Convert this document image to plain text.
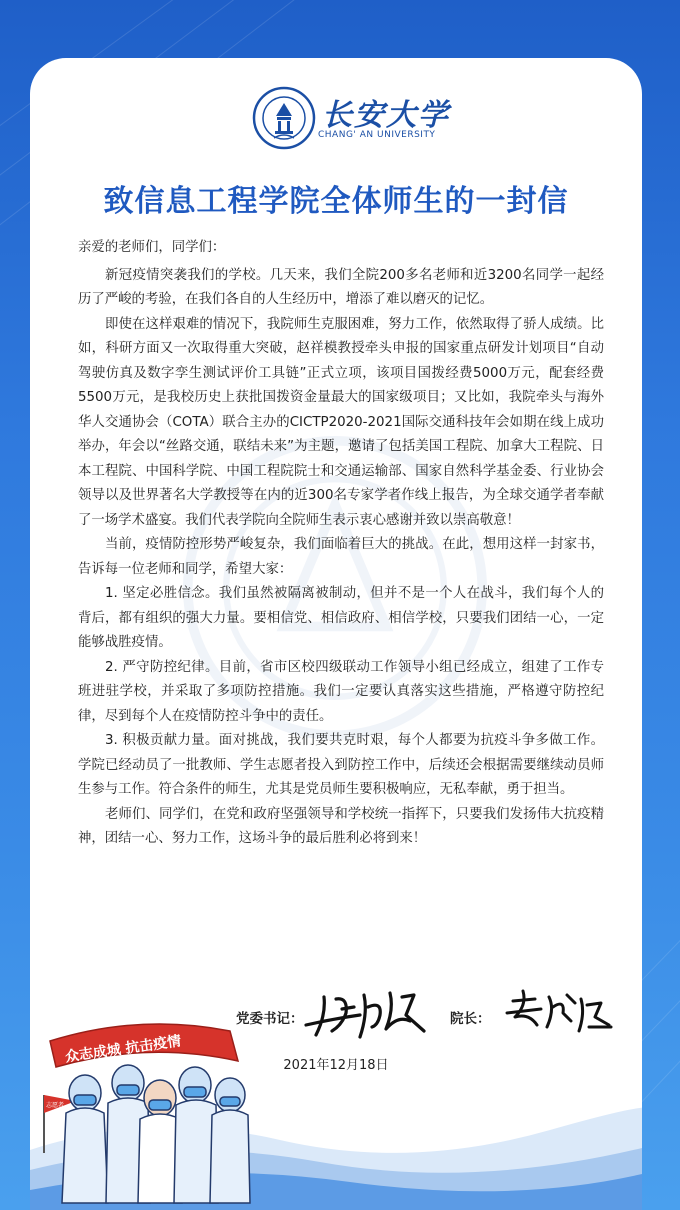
长安大学
CHANG' AN UNIVERSITY
致信息工程学院全体师生的一封信

亲爱的老师们，同学们：

新冠疫情突袭我们的学校。几天来，我们全院200多名老师和近3200名同学一起经历了严峻的考验，在我们各自的人生经历中，增添了难以磨灭的记忆。

即使在这样艰难的情况下，我院师生克服困难，努力工作，依然取得了骄人成绩。比如，科研方面又一次取得重大突破，赵祥模教授牵头申报的国家重点研发计划项目“自动驾驶仿真及数字孪生测试评价工具链”正式立项，该项目国拨经费5000万元，配套经费5500万元，是我校历史上获批国拨资金量最大的国家级项目；又比如，我院牵头与海外华人交通协会（COTA）联合主办的CICTP2020-2021国际交通科技年会如期在线上成功举办，年会以“丝路交通，联结未来”为主题，邀请了包括美国工程院、加拿大工程院、日本工程院、中国科学院、中国工程院院士和交通运输部、国家自然科学基金委、行业协会领导以及世界著名大学教授等在内的近300名专家学者作线上报告，为全球交通学者奉献了一场学术盛宴。我们代表学院向全院师生表示衷心感谢并致以崇高敬意！

当前，疫情防控形势严峻复杂，我们面临着巨大的挑战。在此，想用这样一封家书，告诉每一位老师和同学，希望大家：

1. 坚定必胜信念。我们虽然被隔离被制动，但并不是一个人在战斗，我们每个人的背后，都有组织的强大力量。要相信党、相信政府、相信学校，只要我们团结一心，一定能够战胜疫情。

2. 严守防控纪律。目前，省市区校四级联动工作领导小组已经成立，组建了工作专班进驻学校，并采取了多项防控措施。我们一定要认真落实这些措施，严格遵守防控纪律，尽到每个人在疫情防控斗争中的责任。

3. 积极贡献力量。面对挑战，我们要共克时艰，每个人都要为抗疫斗争多做工作。学院已经动员了一批教师、学生志愿者投入到防控工作中，后续还会根据需要继续动员师生参与工作。符合条件的师生，尤其是党员师生要积极响应，无私奉献，勇于担当。

老师们、同学们，在党和政府坚强领导和学校统一指挥下，只要我们发扬伟大抗疫精神，团结一心、努力工作，这场斗争的最后胜利必将到来！

党委书记：	院长：
2021年12月18日
众志成城 抗击疫情
志愿者
